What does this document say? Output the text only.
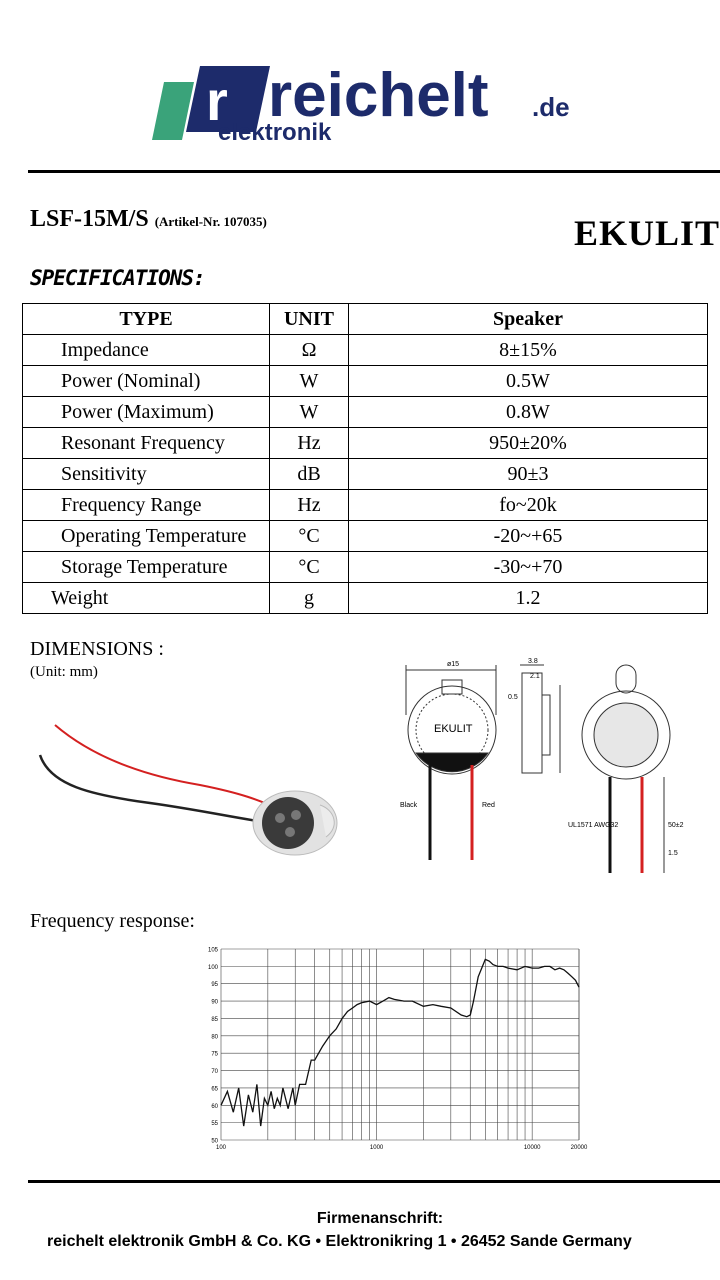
r reichelt .de
elektronik
LSF-15M/S (Artikel-Nr. 107035)	EKULIT
SPECIFICATIONS:
TYPE	UNIT	Speaker
Impedance	Ω	8±15%
Power (Nominal)	W	0.5W
Power (Maximum)	W	0.8W
Resonant Frequency	Hz	950±20%
Sensitivity	dB	90±3
Frequency Range	Hz	fo~20k
Operating Temperature	°C	-20~+65
Storage Temperature	°C	-30~+70
Weight	g	1.2
DIMENSIONS :
(Unit: mm)	ø15	3.8
2.1
0.5
EKULIT
Black	Red
UL1571 AWG32	50±2
1.5
Frequency response:
105
100
95
90
85
80
75
70
65
60
55
50
100	1000	10000	20000
Firmenanschrift:
reichelt elektronik GmbH & Co. KG • Elektronikring 1 • 26452 Sande Germany
